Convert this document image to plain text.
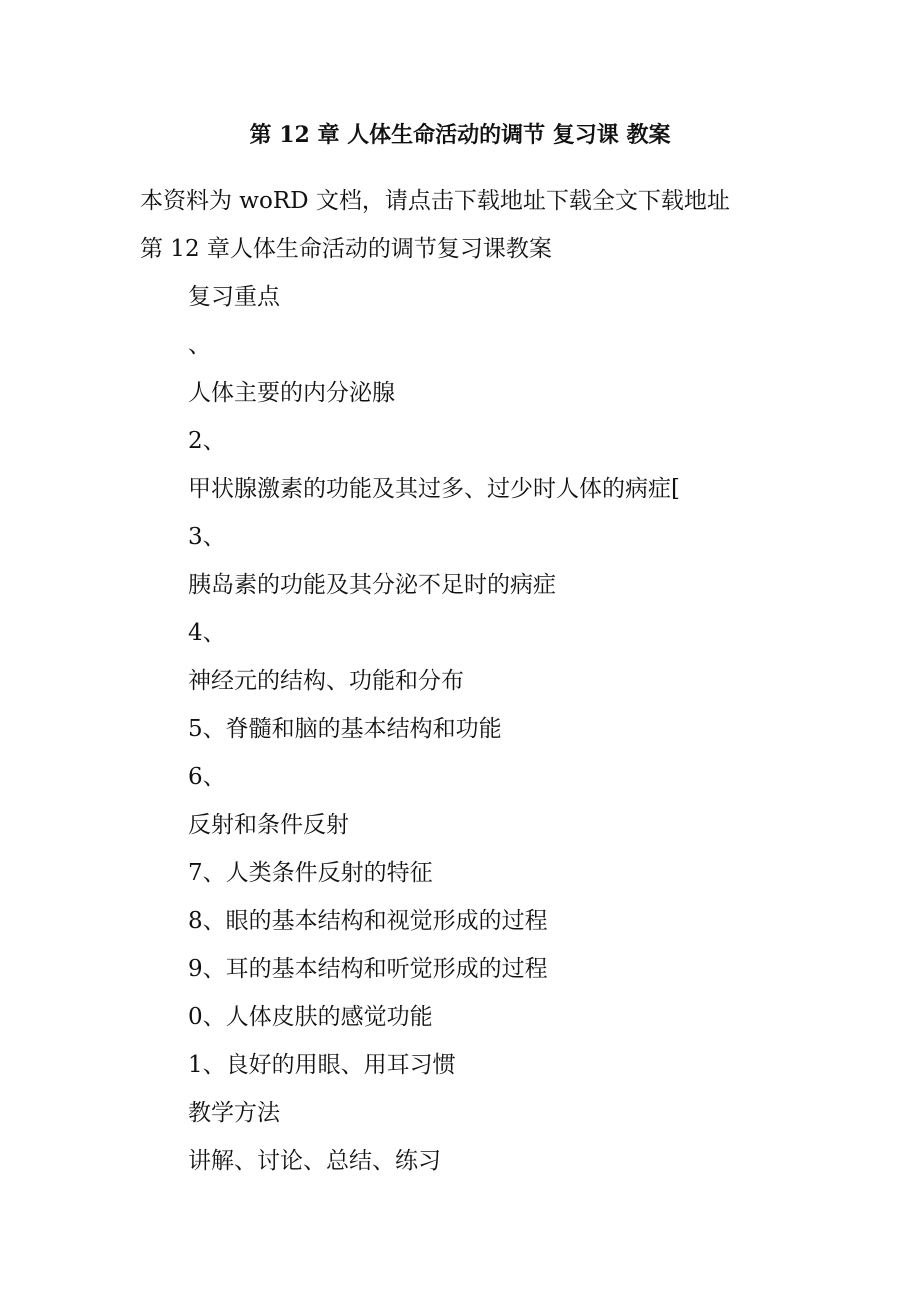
第 12 章 人体生命活动的调节 复习课 教案
本资料为 woRD 文档，请点击下载地址下载全文下载地址
第 12 章人体生命活动的调节复习课教案
复习重点
、
人体主要的内分泌腺
2、
甲状腺激素的功能及其过多、过少时人体的病症[
3、
胰岛素的功能及其分泌不足时的病症
4、
神经元的结构、功能和分布
5、脊髓和脑的基本结构和功能
6、
反射和条件反射
7、人类条件反射的特征
8、眼的基本结构和视觉形成的过程
9、耳的基本结构和听觉形成的过程
0、人体皮肤的感觉功能
1、良好的用眼、用耳习惯
教学方法
讲解、讨论、总结、练习
